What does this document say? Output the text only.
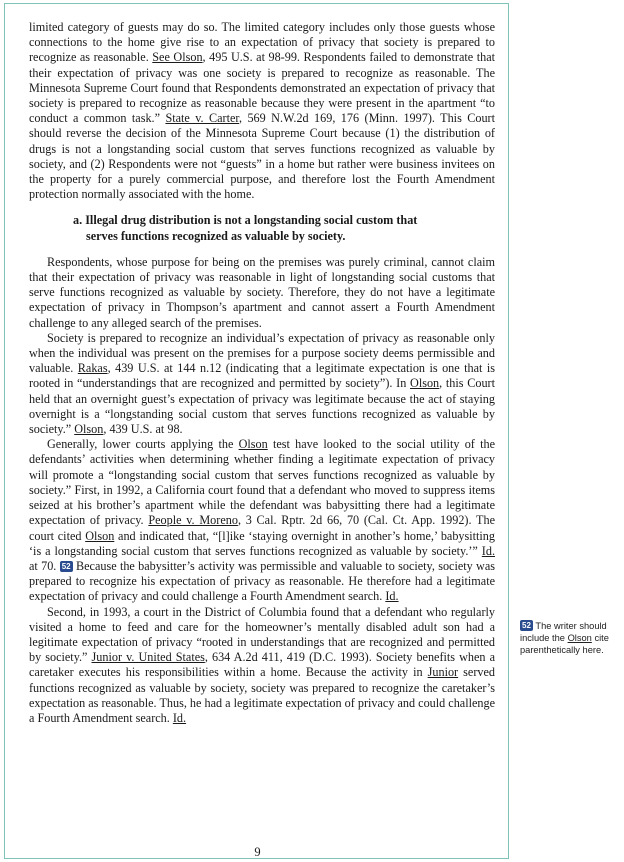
limited category of guests may do so. The limited category includes only those guests whose connections to the home give rise to an expectation of privacy that society is prepared to recognize as reasonable. See Olson, 495 U.S. at 98-99. Respondents failed to demonstrate that their expectation of privacy was one society is prepared to recognize as reasonable. The Minnesota Supreme Court found that Respondents demonstrated an expectation of privacy that society is prepared to recognize as reasonable because they were present in the apartment “to conduct a common task.” State v. Carter, 569 N.W.2d 169, 176 (Minn. 1997). This Court should reverse the decision of the Minnesota Supreme Court because (1) the distribution of drugs is not a longstanding social custom that serves functions recognized as valuable by society, and (2) Respondents were not “guests” in a home but rather were business invitees on the property for a purely commercial purpose, and therefore lost the Fourth Amendment protection normally associated with the home.

a. Illegal drug distribution is not a longstanding social custom that
serves functions recognized as valuable by society.

Respondents, whose purpose for being on the premises was purely criminal, cannot claim that their expectation of privacy was reasonable in light of longstanding social customs that serve functions recognized as valuable by society. Therefore, they do not have a legitimate expectation of privacy in Thompson’s apartment and cannot assert a Fourth Amendment challenge to any alleged search of the premises.

Society is prepared to recognize an individual’s expectation of privacy as reasonable only when the individual was present on the premises for a purpose society deems permissible and valuable. Rakas, 439 U.S. at 144 n.12 (indicating that a legitimate expectation is one that is rooted in “understandings that are recognized and permitted by society”). In Olson, this Court held that an overnight guest’s expectation of privacy was legitimate because the act of staying overnight is a “longstanding social custom that serves functions recognized as valuable by society.” Olson, 439 U.S. at 98.

Generally, lower courts applying the Olson test have looked to the social utility of the defendants’ activities when determining whether finding a legitimate expectation of privacy will promote a “longstanding social custom that serves functions recognized as valuable by society.” First, in 1992, a California court found that a defendant who moved to suppress items seized at his brother’s apartment while the defendant was babysitting there had a legitimate expectation of privacy. People v. Moreno, 3 Cal. Rptr. 2d 66, 70 (Cal. Ct. App. 1992). The court cited Olson and indicated that, “[l]ike ‘staying overnight in another’s home,’ babysitting ‘is a longstanding social custom that serves functions recognized as valuable by society.’” Id. at 70. 52 Because the babysitter’s activity was permissible and valuable to society, society was prepared to recognize his expectation of privacy as reasonable. He therefore had a legitimate expectation of privacy and could challenge a Fourth Amendment search. Id.

Second, in 1993, a court in the District of Columbia found that a defendant who regularly visited a home to feed and care for the homeowner’s mentally disabled adult son had a legitimate expectation of privacy “rooted in understandings that are recognized and permitted by society.” Junior v. United States, 634 A.2d 411, 419 (D.C. 1993). Society benefits when a caretaker executes his responsibilities within a home. Because the activity in Junior served functions recognized as valuable by society, society was prepared to recognize the caretaker’s expectation as reasonable. Thus, he had a legitimate expectation of privacy and could challenge a Fourth Amendment search. Id.

9
52 The writer should include the Olson cite parenthetically here.
